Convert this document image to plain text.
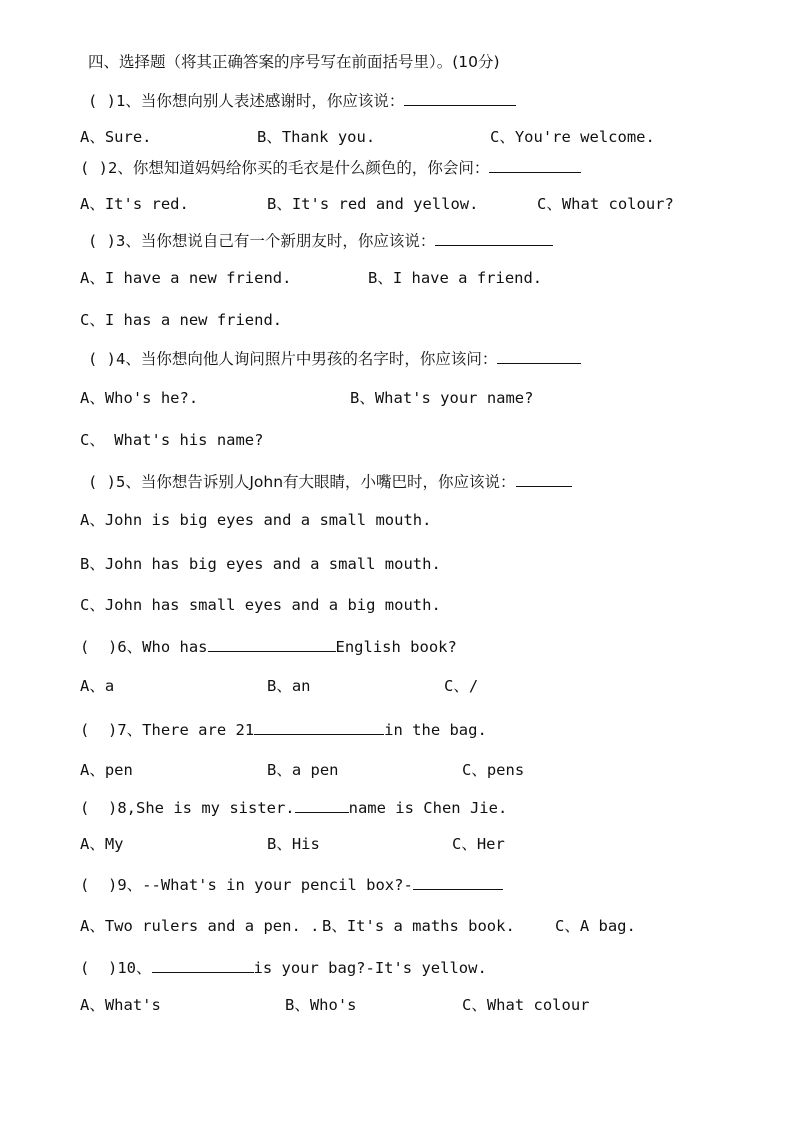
四、选择题（将其正确答案的序号写在前面括号里）。(10分)
( )1、当你想向别人表述感谢时，你应该说：
A、Sure.	B、Thank you.	C、You're welcome.
( )2、你想知道妈妈给你买的毛衣是什么颜色的，你会问：
A、It's red.	B、It's red and yellow.	C、What colour?
( )3、当你想说自己有一个新朋友时，你应该说：
A、I have a new friend.	B、I have a friend.
C、I has a new friend.
( )4、当你想向他人询问照片中男孩的名字时，你应该问：
A、Who's he?.	B、What's your name?
C、 What's his name?
( )5、当你想告诉别人John有大眼睛，小嘴巴时，你应该说：
A、John is big eyes and a small mouth.
B、John has big eyes and a small mouth.
C、John has small eyes and a big mouth.
(  )6、Who has	English book?
A、a	B、an	C、/
(  )7、There are 21	in the bag.
A、pen	B、a pen	C、pens
(  )8,She is my sister.	name is Chen Jie.
A、My	B、His	C、Her
(  )9、--What's in your pencil box?-
A、Two rulers and a pen. . B、It's a maths book.	C、A bag.
(  )10、	is your bag?-It's yellow.
A、What's	B、Who's	C、What colour
